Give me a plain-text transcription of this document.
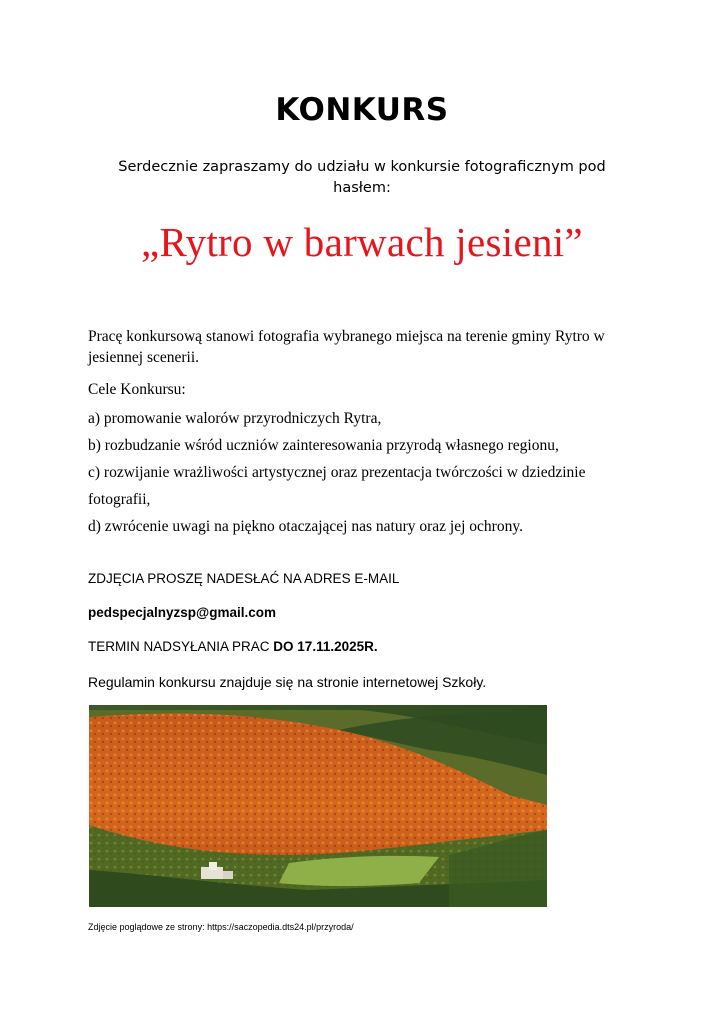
KONKURS
Serdecznie zapraszamy do udziału w konkursie fotograficznym pod hasłem:
„Rytro w barwach jesieni”
Pracę konkursową stanowi fotografia wybranego miejsca na terenie gminy Rytro w jesiennej scenerii.
Cele Konkursu:
a) promowanie walorów przyrodniczych Rytra,
b) rozbudzanie wśród uczniów zainteresowania przyrodą własnego regionu,
c) rozwijanie wrażliwości artystycznej oraz prezentacja twórczości w dziedzinie
fotografii,
d) zwrócenie uwagi na piękno otaczającej nas natury oraz jej ochrony.
ZDJĘCIA PROSZĘ NADESŁAĆ NA ADRES E-MAIL
pedspecjalnyzsp@gmail.com
TERMIN NADSYŁANIA PRAC DO 17.11.2025R.
Regulamin konkursu znajduje się na stronie internetowej Szkoły.
Zdjęcie poglądowe ze strony: https://saczopedia.dts24.pl/przyroda/
